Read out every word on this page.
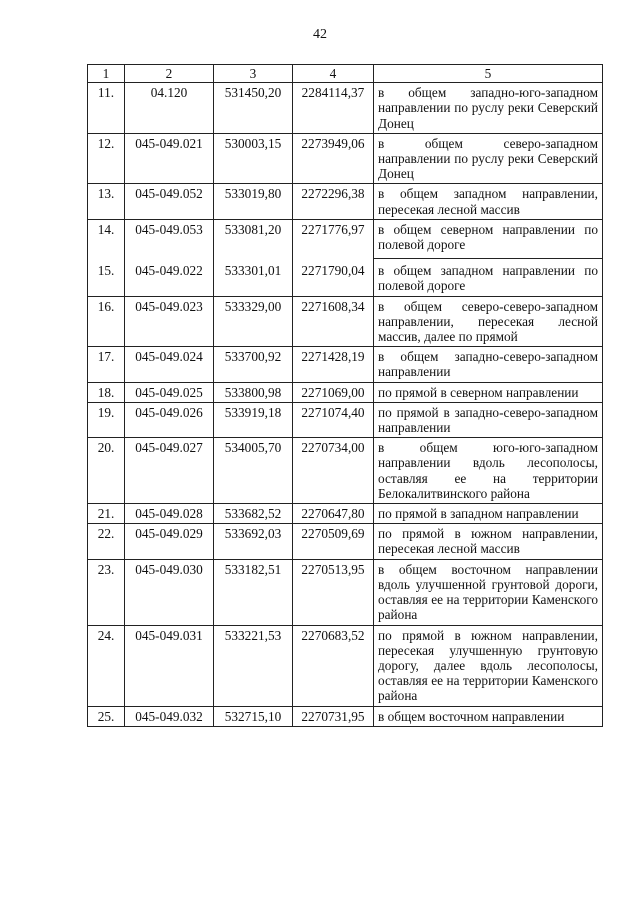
42
1	2	3	4	5
11.	04.120	531450,20	2284114,37	в общем западно-юго-западном направлении по руслу реки Северский Донец
12.	045-049.021	530003,15	2273949,06	в общем северо-западном направлении по руслу реки Северский Донец
13.	045-049.052	533019,80	2272296,38	в общем западном направлении, пересекая лесной массив
14.	045-049.053	533081,20	2271776,97	в общем северном направлении по полевой дороге
15.	045-049.022	533301,01	2271790,04	в общем западном направлении по полевой дороге
16.	045-049.023	533329,00	2271608,34	в общем северо-северо-западном направлении, пересекая лесной массив, далее по прямой
17.	045-049.024	533700,92	2271428,19	в общем западно-северо-западном направлении
18.	045-049.025	533800,98	2271069,00	по прямой в северном направлении
19.	045-049.026	533919,18	2271074,40	по прямой в западно-северо-западном направлении
20.	045-049.027	534005,70	2270734,00	в общем юго-юго-западном направлении вдоль лесополосы, оставляя ее на территории Белокалитвинского района
21.	045-049.028	533682,52	2270647,80	по прямой в западном направлении
22.	045-049.029	533692,03	2270509,69	по прямой в южном направлении, пересекая лесной массив
23.	045-049.030	533182,51	2270513,95	в общем восточном направлении вдоль улучшенной грунтовой дороги, оставляя ее на территории Каменского района
24.	045-049.031	533221,53	2270683,52	по прямой в южном направлении, пересекая улучшенную грунтовую дорогу, далее вдоль лесополосы, оставляя ее на территории Каменского района
25.	045-049.032	532715,10	2270731,95	в общем восточном направлении
